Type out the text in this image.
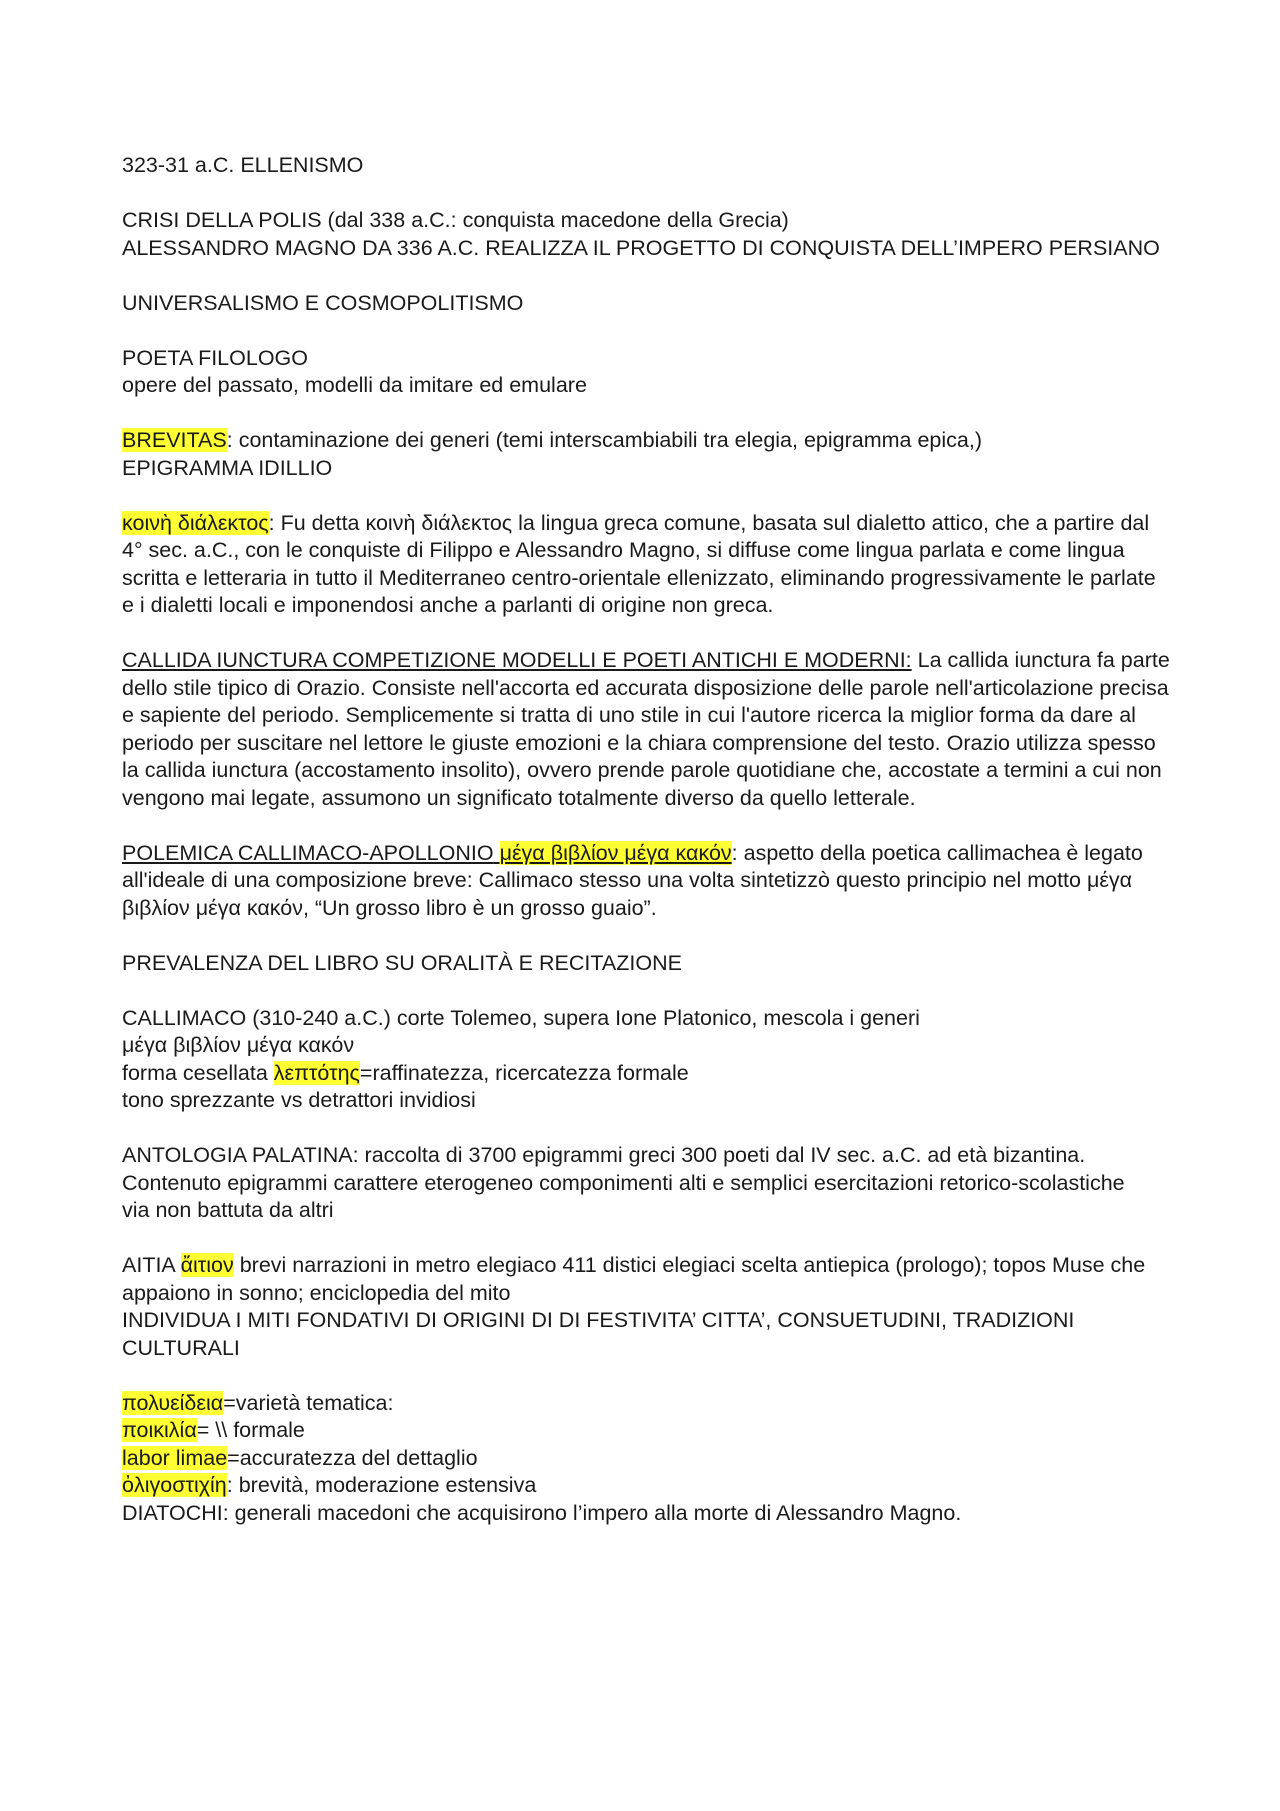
323-31 a.C. ELLENISMO

CRISI DELLA POLIS (dal 338 a.C.: conquista macedone della Grecia)
ALESSANDRO MAGNO DA 336 A.C. REALIZZA IL PROGETTO DI CONQUISTA DELL’IMPERO PERSIANO

UNIVERSALISMO E COSMOPOLITISMO

POETA FILOLOGO
opere del passato, modelli da imitare ed emulare

BREVITAS: contaminazione dei generi (temi interscambiabili tra elegia, epigramma epica,)
EPIGRAMMA IDILLIO

κοινὴ διάλεκτος: Fu detta κοινὴ διάλεκτος la lingua greca comune, basata sul dialetto attico, che a partire dal 4° sec. a.C., con le conquiste di Filippo e Alessandro Magno, si diffuse come lingua parlata e come lingua scritta e letteraria in tutto il Mediterraneo centro-orientale ellenizzato, eliminando progressivamente le parlate e i dialetti locali e imponendosi anche a parlanti di origine non greca.

CALLIDA IUNCTURA COMPETIZIONE MODELLI E POETI ANTICHI E MODERNI: La callida iunctura fa parte dello stile tipico di Orazio. Consiste nell'accorta ed accurata disposizione delle parole nell'articolazione precisa e sapiente del periodo. Semplicemente si tratta di uno stile in cui l'autore ricerca la miglior forma da dare al periodo per suscitare nel lettore le giuste emozioni e la chiara comprensione del testo. Orazio utilizza spesso la callida iunctura (accostamento insolito), ovvero prende parole quotidiane che, accostate a termini a cui non vengono mai legate, assumono un significato totalmente diverso da quello letterale.

POLEMICA CALLIMACO-APOLLONIO μέγα βιβλίον μέγα κακόν: aspetto della poetica callimachea è legato all'ideale di una composizione breve: Callimaco stesso una volta sintetizzò questo principio nel motto μέγα βιβλίον μέγα κακόν, “Un grosso libro è un grosso guaio”.

PREVALENZA DEL LIBRO SU ORALITÀ E RECITAZIONE

CALLIMACO (310-240 a.C.) corte Tolemeo, supera Ione Platonico, mescola i generi
μέγα βιβλίον μέγα κακόν
forma cesellata λεπτότης=raffinatezza, ricercatezza formale
tono sprezzante vs detrattori invidiosi

ANTOLOGIA PALATINA: raccolta di 3700 epigrammi greci 300 poeti dal IV sec. a.C. ad età bizantina. Contenuto epigrammi carattere eterogeneo componimenti alti e semplici esercitazioni retorico-scolastiche
via non battuta da altri

AITIA ἄιτιον brevi narrazioni in metro elegiaco 411 distici elegiaci scelta antiepica (prologo); topos Muse che appaiono in sonno; enciclopedia del mito
INDIVIDUA I MITI FONDATIVI DI ORIGINI DI DI FESTIVITA’ CITTA’, CONSUETUDINI, TRADIZIONI CULTURALI

πολυείδεια=varietà tematica:
ποικιλία= \\ formale
labor limae=accuratezza del dettaglio
ὀλιγοστιχίη: brevità, moderazione estensiva
DIATOCHI: generali macedoni che acquisirono l’impero alla morte di Alessandro Magno.
